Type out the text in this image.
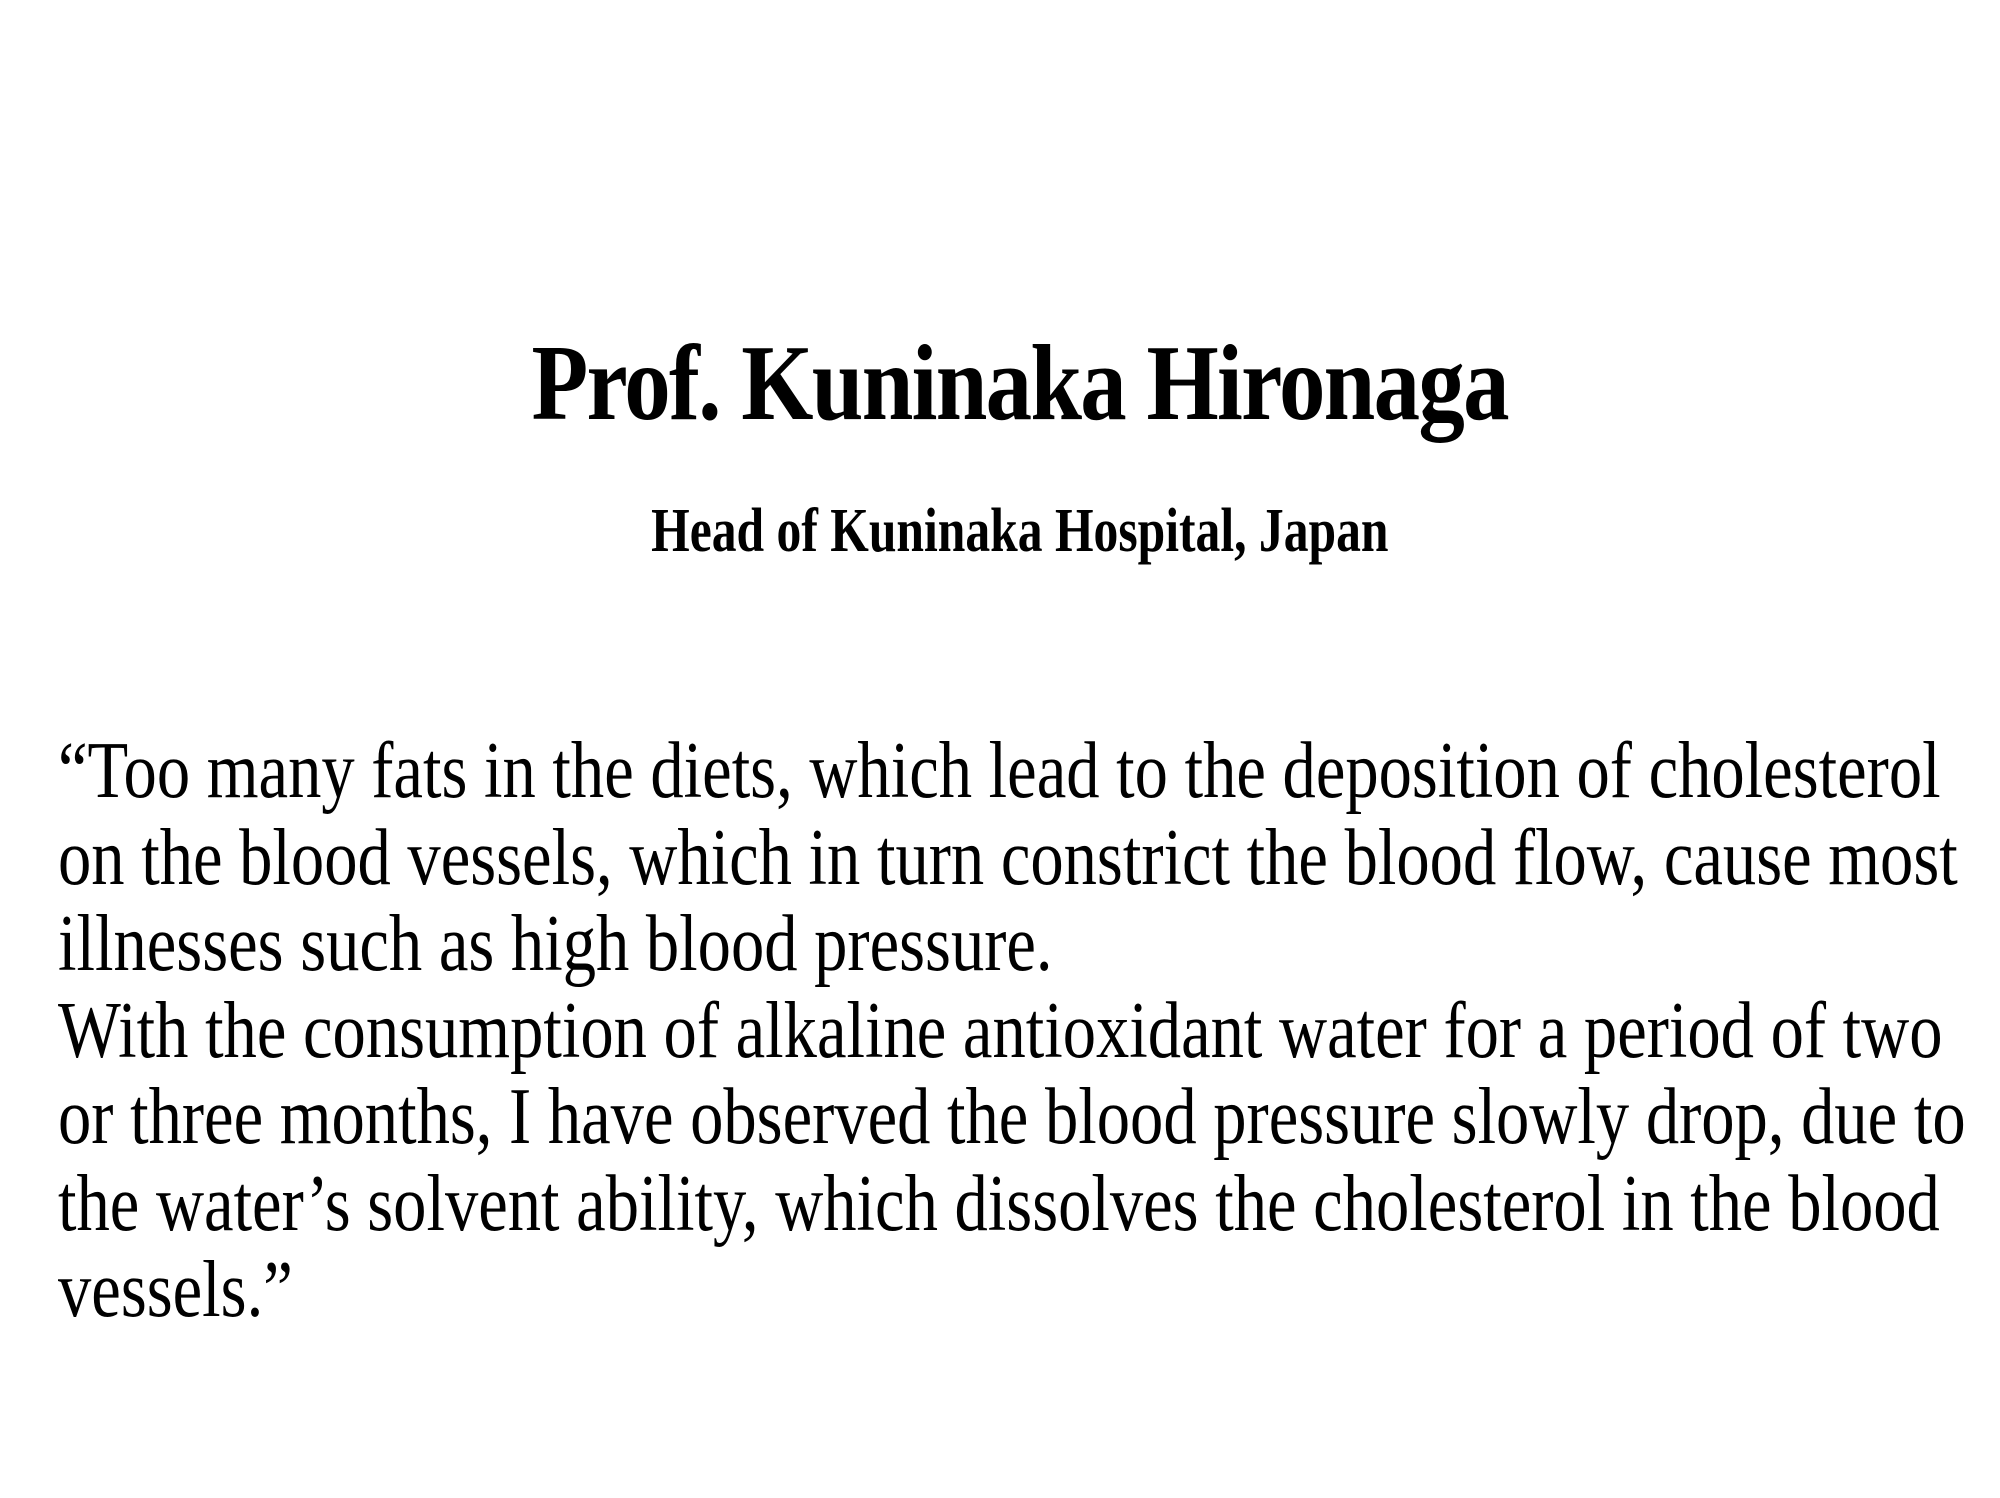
Prof. Kuninaka Hironaga
Head of Kuninaka Hospital, Japan
“Too many fats in the diets, which lead to the deposition of cholesterol
on the blood vessels, which in turn constrict the blood flow, cause most
illnesses such as high blood pressure.
With the consumption of alkaline antioxidant water for a period of two
or three months, I have observed the blood pressure slowly drop, due to
the water’s solvent ability, which dissolves the cholesterol in the blood
vessels.”
